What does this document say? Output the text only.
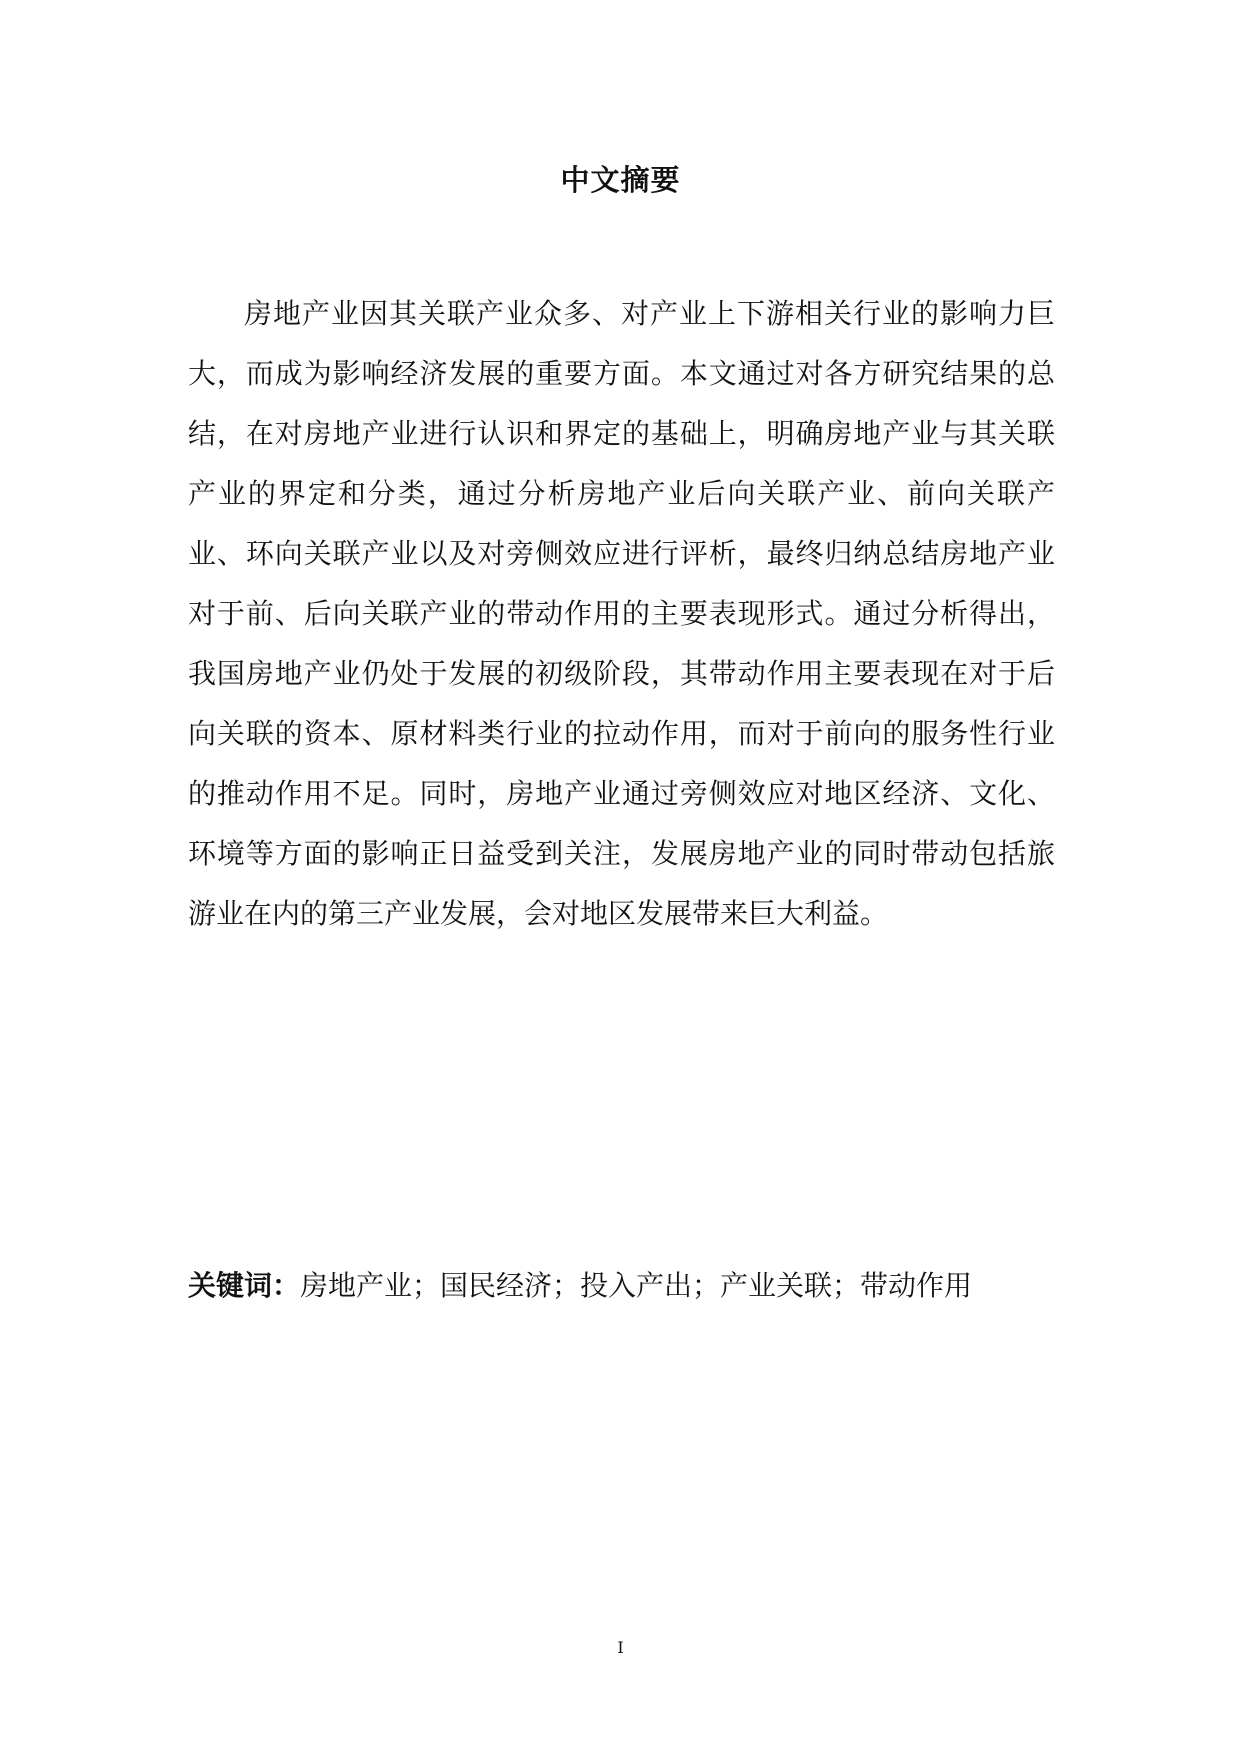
中文摘要

房地产业因其关联产业众多、对产业上下游相关行业的影响力巨大，而成为影响经济发展的重要方面。本文通过对各方研究结果的总结，在对房地产业进行认识和界定的基础上，明确房地产业与其关联产业的界定和分类，通过分析房地产业后向关联产业、前向关联产业、环向关联产业以及对旁侧效应进行评析，最终归纳总结房地产业对于前、后向关联产业的带动作用的主要表现形式。通过分析得出，我国房地产业仍处于发展的初级阶段，其带动作用主要表现在对于后向关联的资本、原材料类行业的拉动作用，而对于前向的服务性行业的推动作用不足。同时，房地产业通过旁侧效应对地区经济、文化、环境等方面的影响正日益受到关注，发展房地产业的同时带动包括旅游业在内的第三产业发展，会对地区发展带来巨大利益。

关键词：房地产业；国民经济；投入产出；产业关联；带动作用
I
